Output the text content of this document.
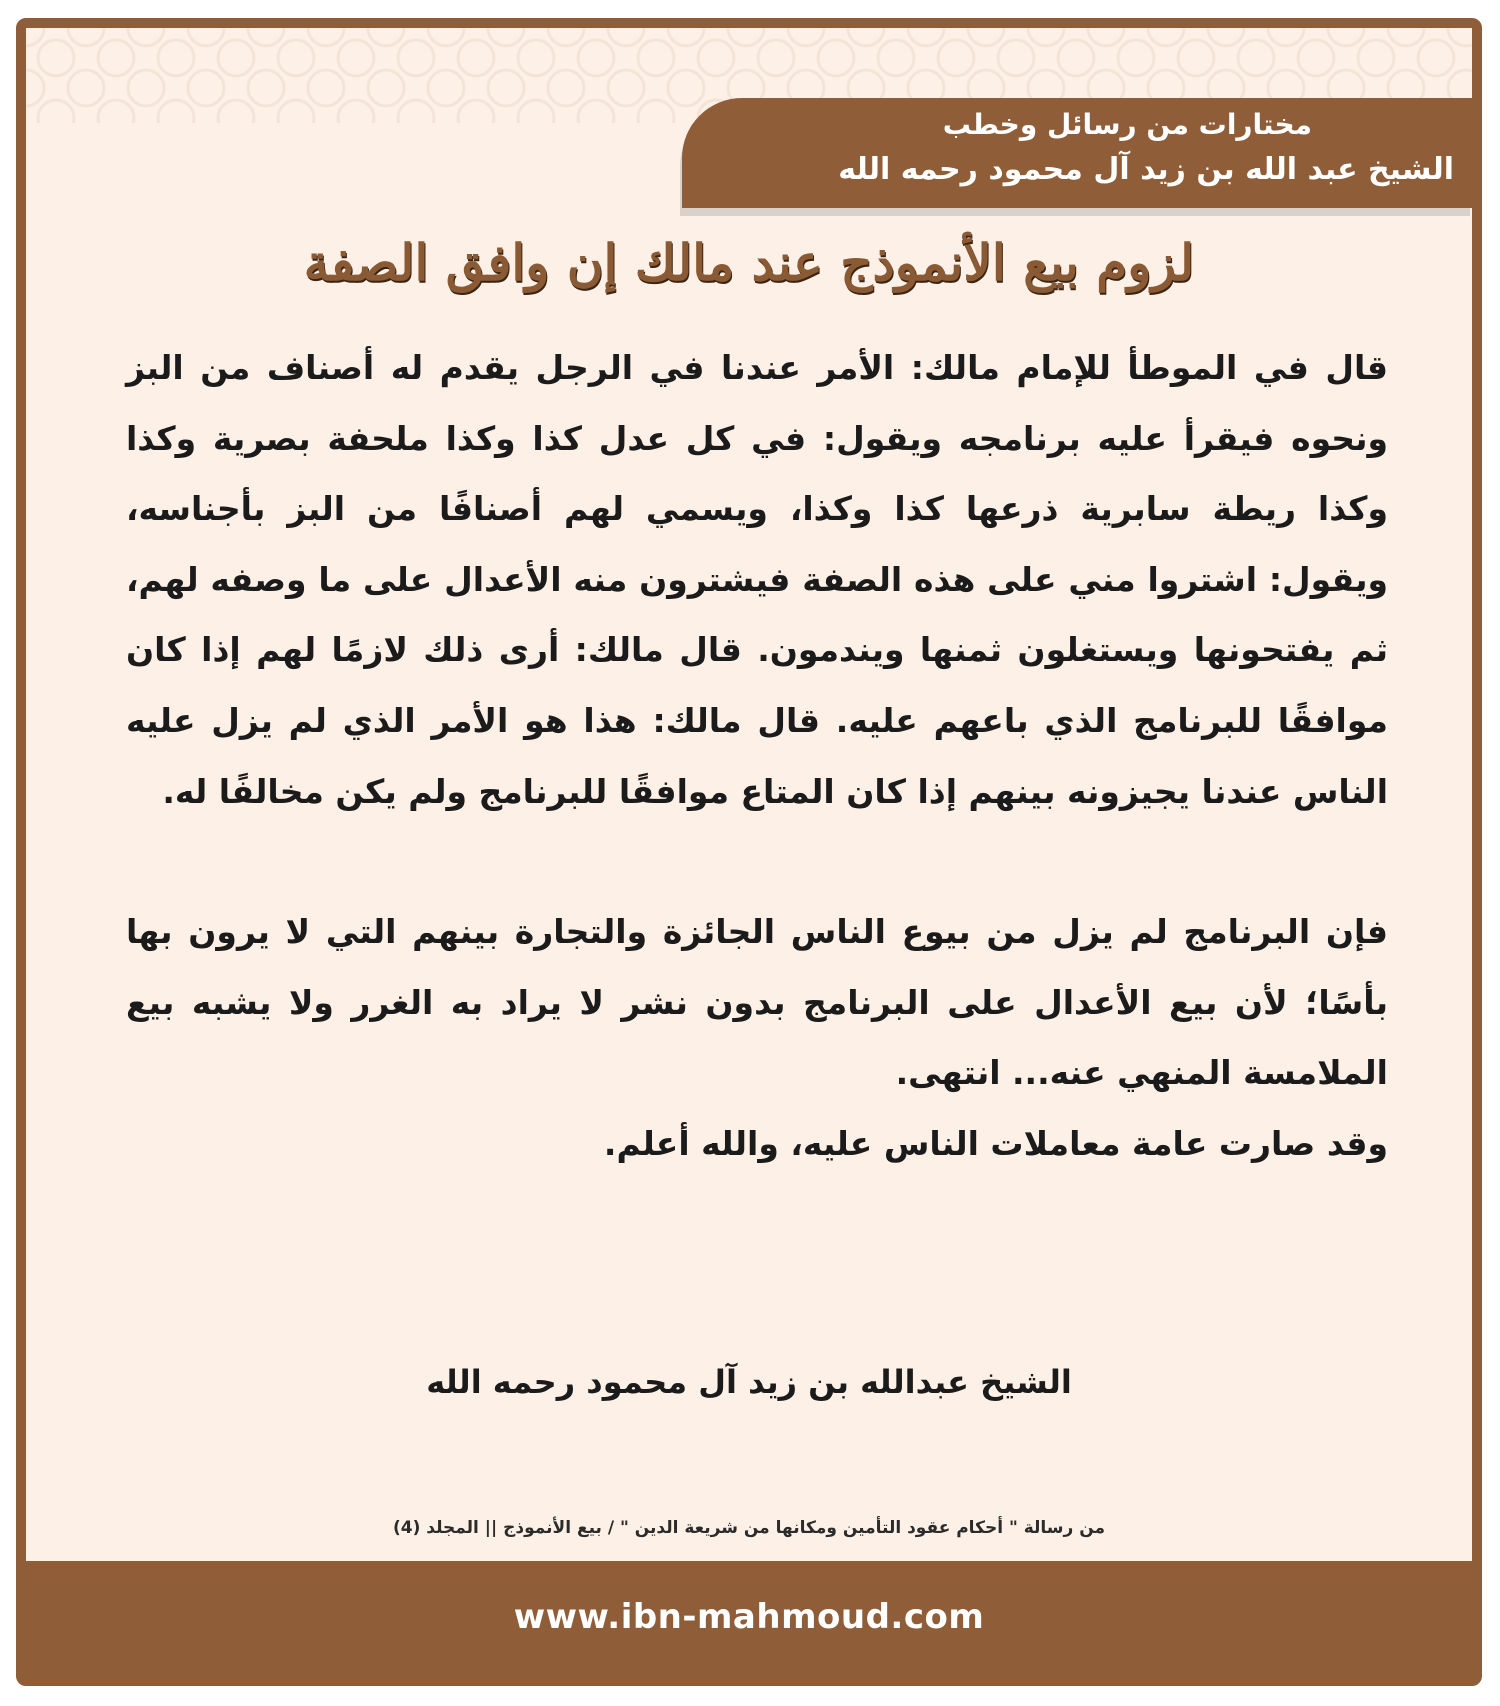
مختارات من رسائل وخطب
الشيخ عبد الله بن زيد آل محمود رحمه الله
لزوم بيع الأنموذج عند مالك إن وافق الصفة

قال في الموطأ للإمام مالك: الأمر عندنا في الرجل يقدم له أصناف من البز ونحوه فيقرأ عليه برنامجه ويقول: في كل عدل كذا وكذا ملحفة بصرية وكذا وكذا ريطة سابرية ذرعها كذا وكذا، ويسمي لهم أصنافًا من البز بأجناسه، ويقول: اشتروا مني على هذه الصفة فيشترون منه الأعدال على ما وصفه لهم، ثم يفتحونها ويستغلون ثمنها ويندمون. قال مالك: أرى ذلك لازمًا لهم إذا كان موافقًا للبرنامج الذي باعهم عليه. قال مالك: هذا هو الأمر الذي لم يزل عليه الناس عندنا يجيزونه بينهم إذا كان المتاع موافقًا للبرنامج ولم يكن مخالفًا له.

فإن البرنامج لم يزل من بيوع الناس الجائزة والتجارة بينهم التي لا يرون بها بأسًا؛ لأن بيع الأعدال على البرنامج بدون نشر لا يراد به الغرر ولا يشبه بيع الملامسة المنهي عنه... انتهى.

وقد صارت عامة معاملات الناس عليه، والله أعلم.

الشيخ عبدالله بن زيد آل محمود رحمه الله
من رسالة " أحكام عقود التأمين ومكانها من شريعة الدين " / بيع الأنموذج || المجلد (4)
www.ibn-mahmoud.com
